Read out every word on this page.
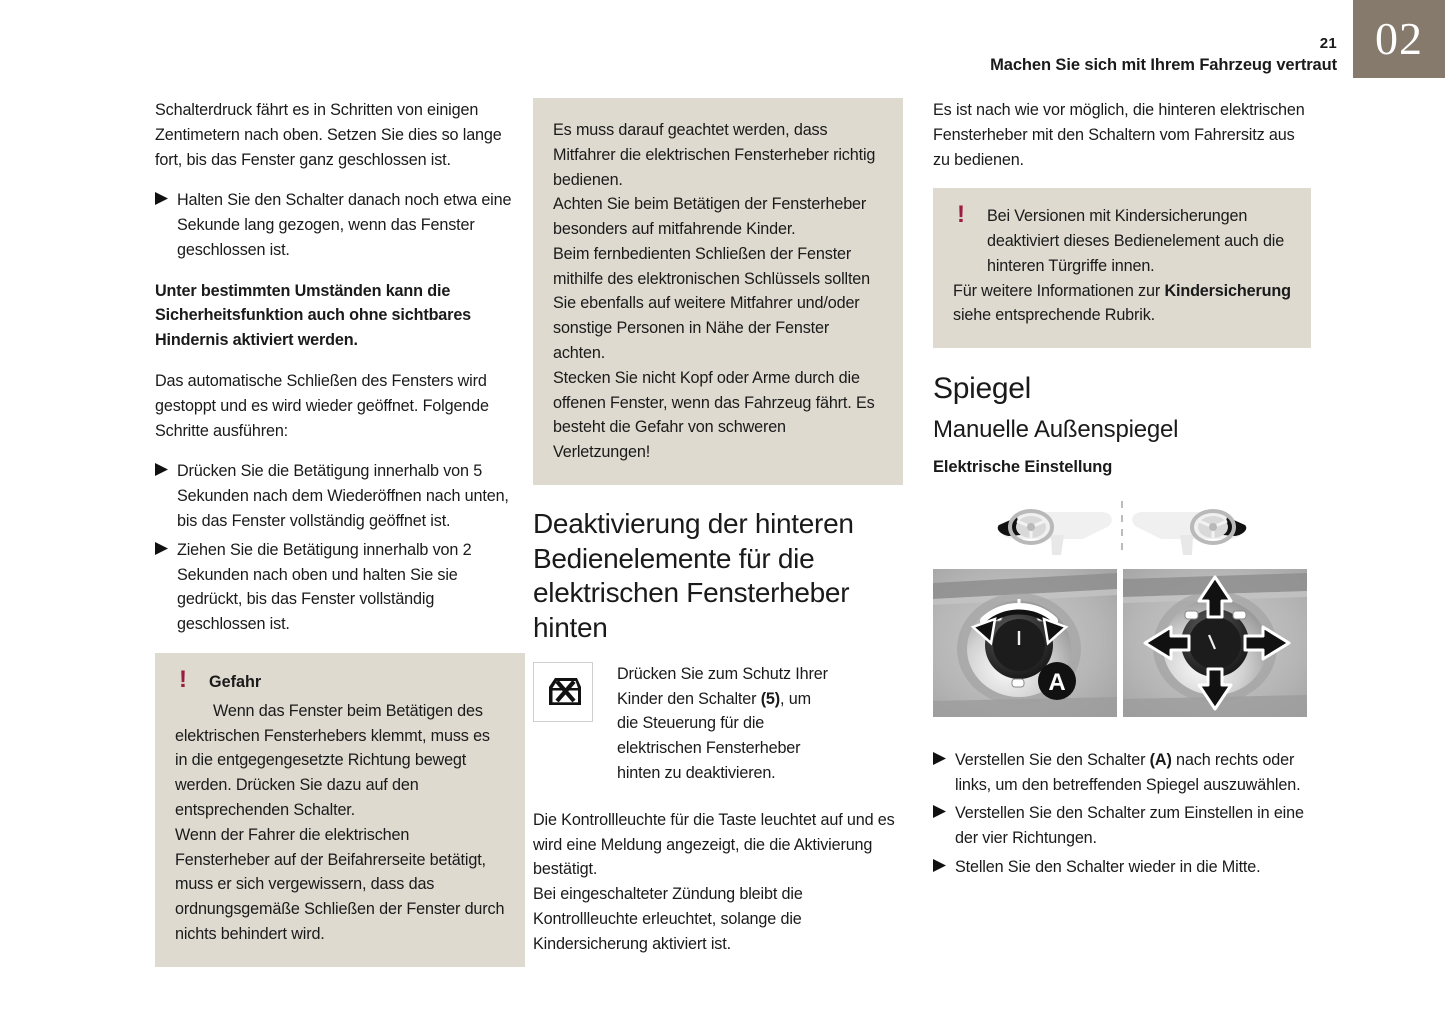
21
Machen Sie sich mit Ihrem Fahrzeug vertraut
02

Schalterdruck fährt es in Schritten von einigen Zentimetern nach oben. Setzen Sie dies so lange fort, bis das Fenster ganz geschlossen ist.

Halten Sie den Schalter danach noch etwa eine Sekunde lang gezogen, wenn das Fenster geschlossen ist.

Unter bestimmten Umständen kann die Sicherheitsfunktion auch ohne sichtbares Hindernis aktiviert werden.

Das automatische Schließen des Fensters wird gestoppt und es wird wieder geöffnet. Folgende Schritte ausführen:

Drücken Sie die Betätigung innerhalb von 5 Sekunden nach dem Wiederöffnen nach unten, bis das Fenster vollständig geöffnet ist.
Ziehen Sie die Betätigung innerhalb von 2 Sekunden nach oben und halten Sie sie gedrückt, bis das Fenster vollständig geschlossen ist.
!	Gefahr

Wenn das Fenster beim Betätigen des elektrischen Fensterhebers klemmt, muss es in die entgegengesetzte Richtung bewegt werden. Drücken Sie dazu auf den entsprechenden Schalter.

Wenn der Fahrer die elektrischen Fensterheber auf der Beifahrerseite betätigt, muss er sich vergewissern, dass das ordnungsgemäße Schließen der Fenster durch nichts behindert wird.

Es muss darauf geachtet werden, dass Mitfahrer die elektrischen Fensterheber richtig bedienen.

Achten Sie beim Betätigen der Fensterheber besonders auf mitfahrende Kinder.

Beim fernbedienten Schließen der Fenster mithilfe des elektronischen Schlüssels sollten Sie ebenfalls auf weitere Mitfahrer und/oder sonstige Personen in Nähe der Fenster achten.

Stecken Sie nicht Kopf oder Arme durch die offenen Fenster, wenn das Fahrzeug fährt. Es besteht die Gefahr von schweren Verletzungen!

Deaktivierung der hinteren Bedienelemente für die elektrischen Fensterheber hinten
Drücken Sie zum Schutz Ihrer Kinder den Schalter (5), um die Steuerung für die elektrischen Fensterheber hinten zu deaktivieren.

Die Kontrollleuchte für die Taste leuchtet auf und es wird eine Meldung angezeigt, die die Aktivierung bestätigt.

Bei eingeschalteter Zündung bleibt die Kontrollleuchte erleuchtet, solange die Kindersicherung aktiviert ist.

Es ist nach wie vor möglich, die hinteren elektrischen Fensterheber mit den Schaltern vom Fahrersitz aus zu bedienen.

!	Bei Versionen mit Kindersicherungen deaktiviert dieses Bedienelement auch die hinteren Türgriffe innen.

Für weitere Informationen zur Kindersicherung siehe entsprechende Rubrik.

Spiegel
Manuelle Außenspiegel
Elektrische Einstellung
A
Verstellen Sie den Schalter (A) nach rechts oder links, um den betreffenden Spiegel auszuwählen.
Verstellen Sie den Schalter zum Einstellen in eine der vier Richtungen.
Stellen Sie den Schalter wieder in die Mitte.
